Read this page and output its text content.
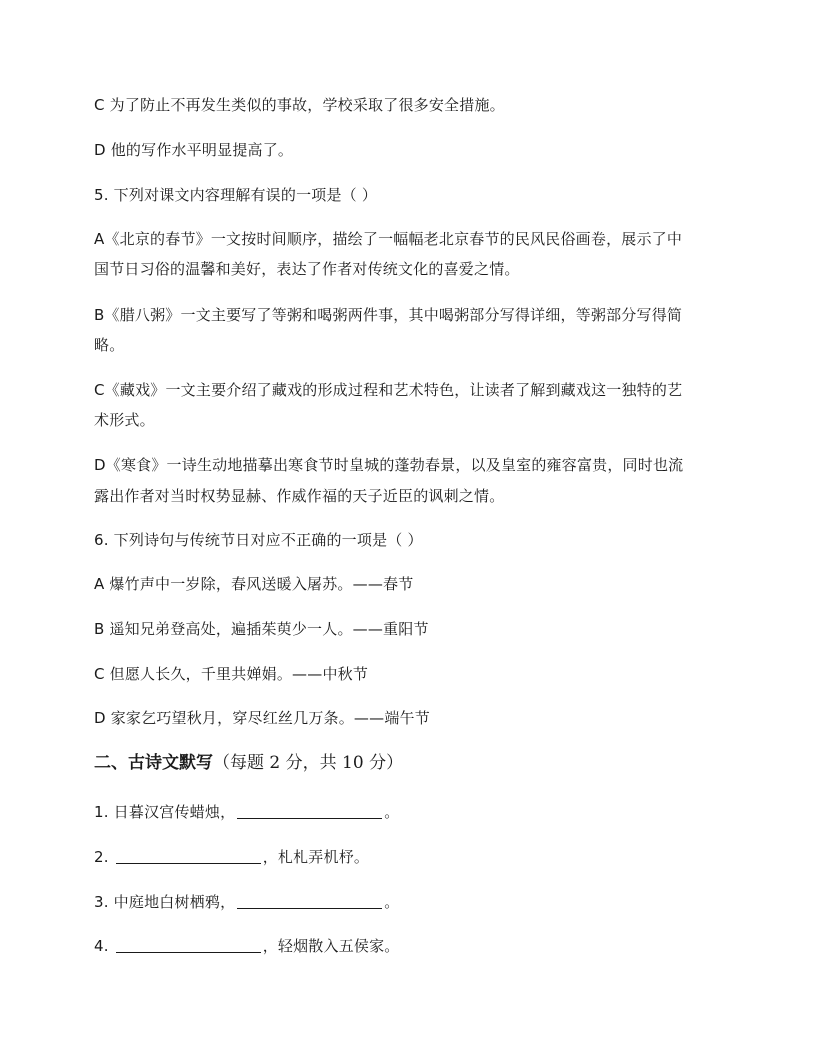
C 为了防止不再发生类似的事故，学校采取了很多安全措施。
D 他的写作水平明显提高了。
5. 下列对课文内容理解有误的一项是（ ）
A《北京的春节》一文按时间顺序，描绘了一幅幅老北京春节的民风民俗画卷，展示了中
国节日习俗的温馨和美好，表达了作者对传统文化的喜爱之情。
B《腊八粥》一文主要写了等粥和喝粥两件事，其中喝粥部分写得详细，等粥部分写得简
略。
C《藏戏》一文主要介绍了藏戏的形成过程和艺术特色，让读者了解到藏戏这一独特的艺
术形式。
D《寒食》一诗生动地描摹出寒食节时皇城的蓬勃春景，以及皇室的雍容富贵，同时也流
露出作者对当时权势显赫、作威作福的天子近臣的讽刺之情。
6. 下列诗句与传统节日对应不正确的一项是（ ）
A 爆竹声中一岁除，春风送暖入屠苏。——春节
B 遥知兄弟登高处，遍插茱萸少一人。——重阳节
C 但愿人长久，千里共婵娟。——中秋节
D 家家乞巧望秋月，穿尽红丝几万条。——端午节
二、古诗文默写（每题 2 分，共 10 分）
1. 日暮汉宫传蜡烛，	。
2.	，札札弄机杼。
3. 中庭地白树栖鸦，	。
4.	，轻烟散入五侯家。
